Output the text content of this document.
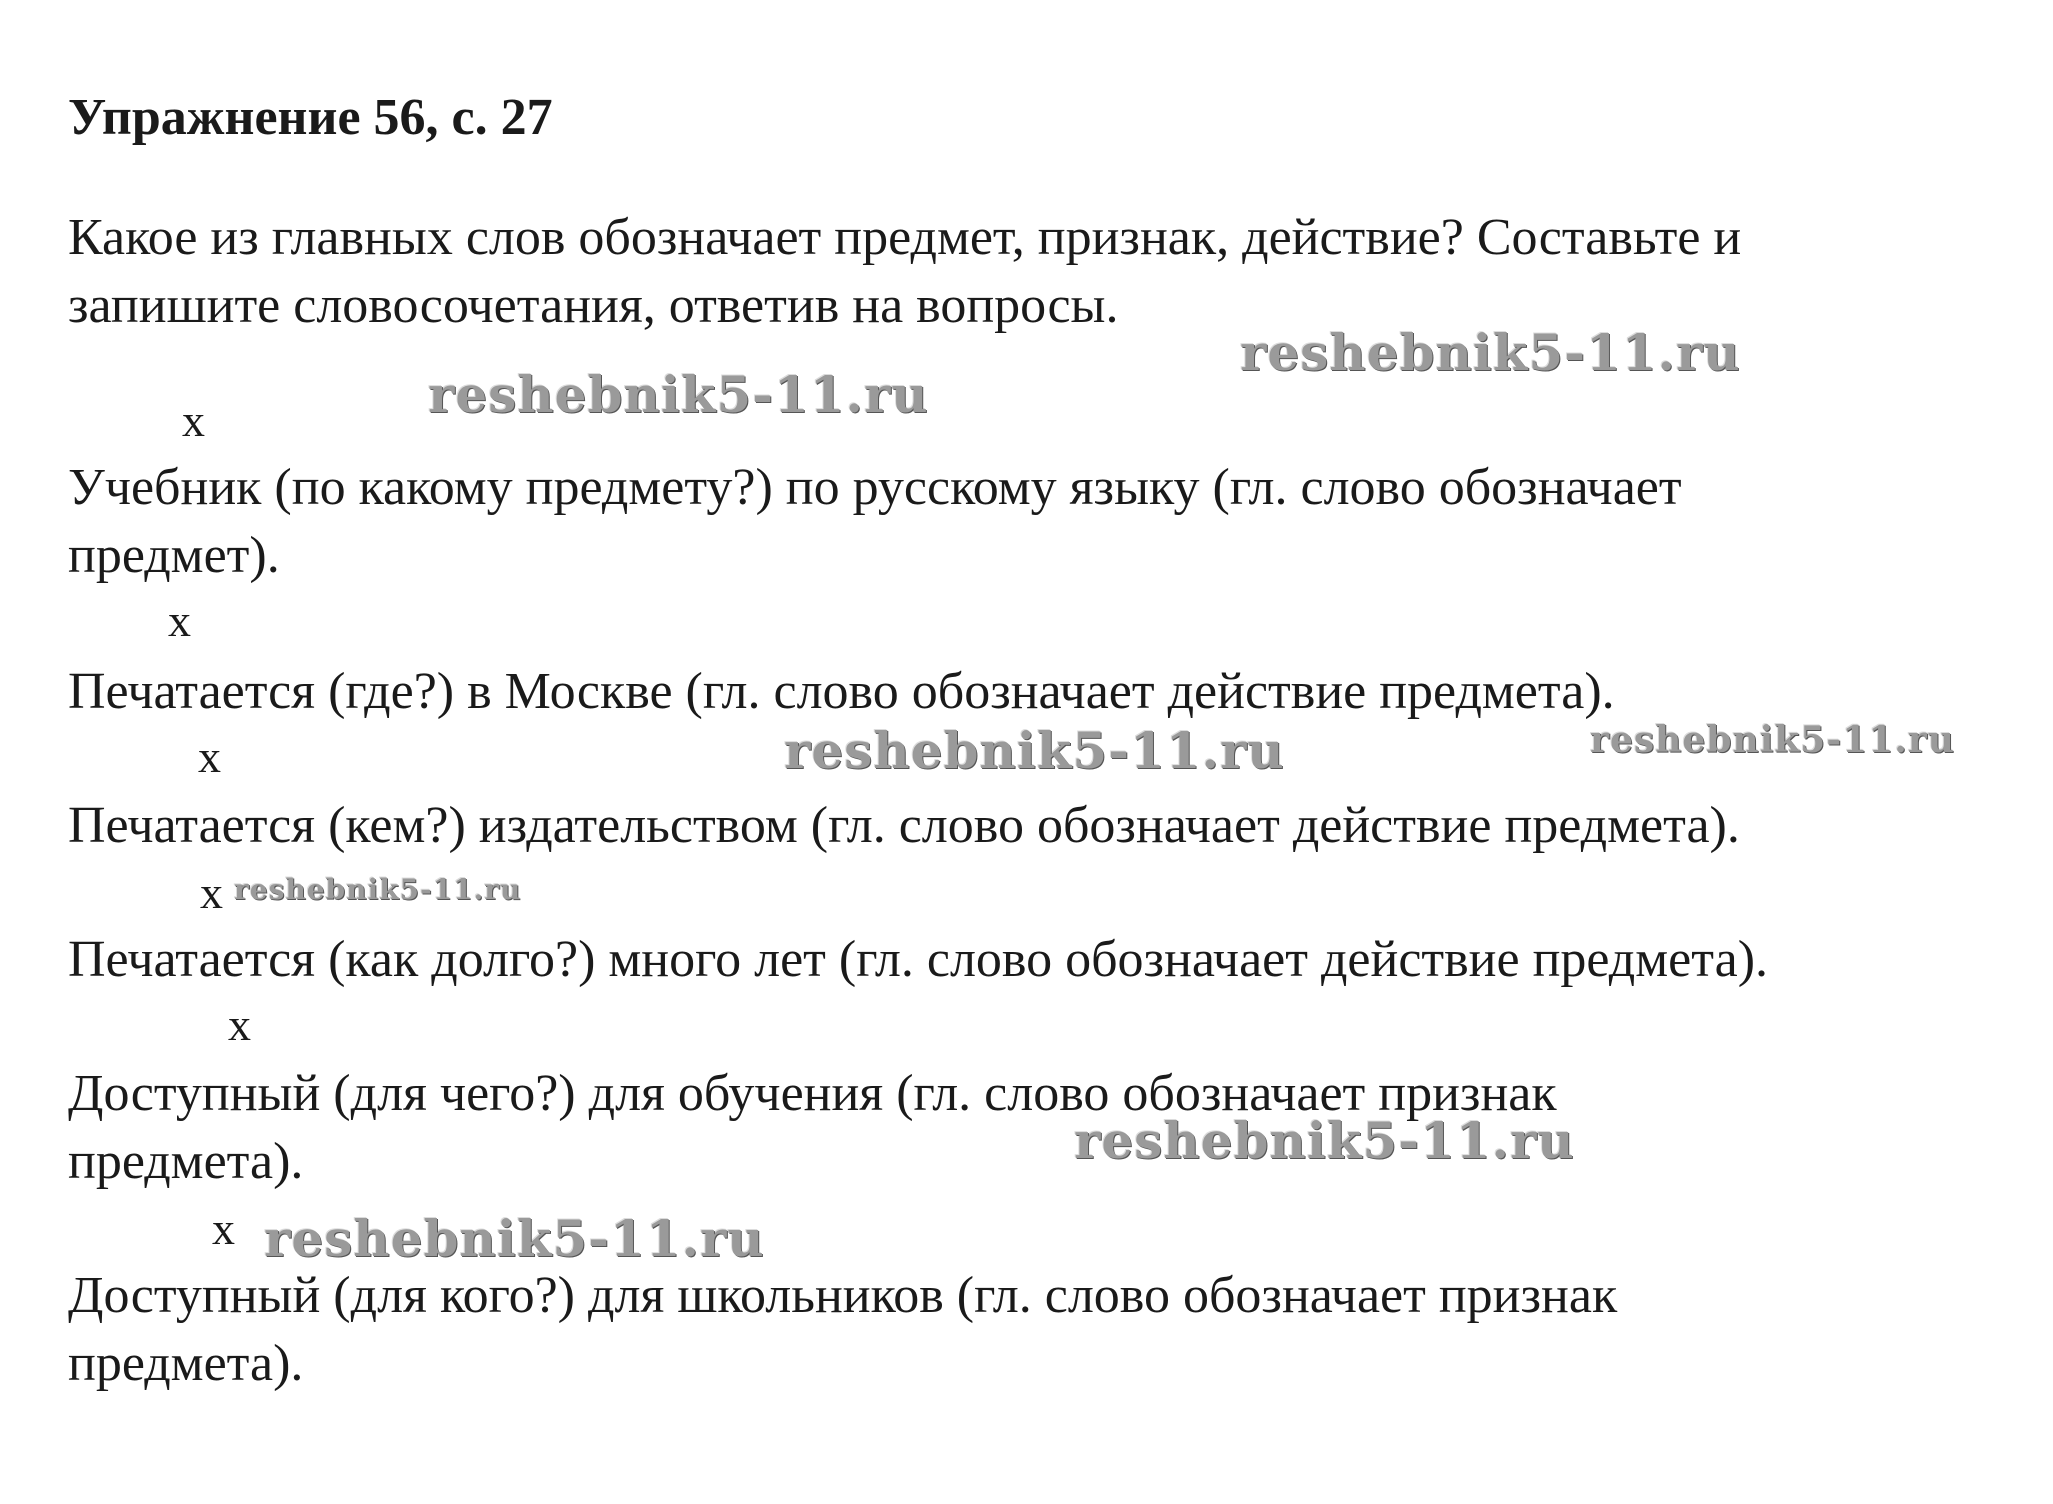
Упражнение 56, с. 27
Какое из главных слов обозначает предмет, признак, действие? Составьте и
запишите словосочетания, ответив на вопросы.
x
Учебник (по какому предмету?) по русскому языку (гл. слово обозначает
предмет).
x
Печатается (где?) в Москве (гл. слово обозначает действие предмета).
x
Печатается (кем?) издательством (гл. слово обозначает действие предмета).
x
Печатается (как долго?) много лет (гл. слово обозначает действие предмета).
x
Доступный (для чего?) для обучения (гл. слово обозначает признак
предмета).
x
Доступный (для кого?) для школьников (гл. слово обозначает признак
предмета).
reshebnik5-11.ru
reshebnik5-11.ru
reshebnik5-11.ru	reshebnik5-11.ru
reshebnik5-11.ru
reshebnik5-11.ru
reshebnik5-11.ru
